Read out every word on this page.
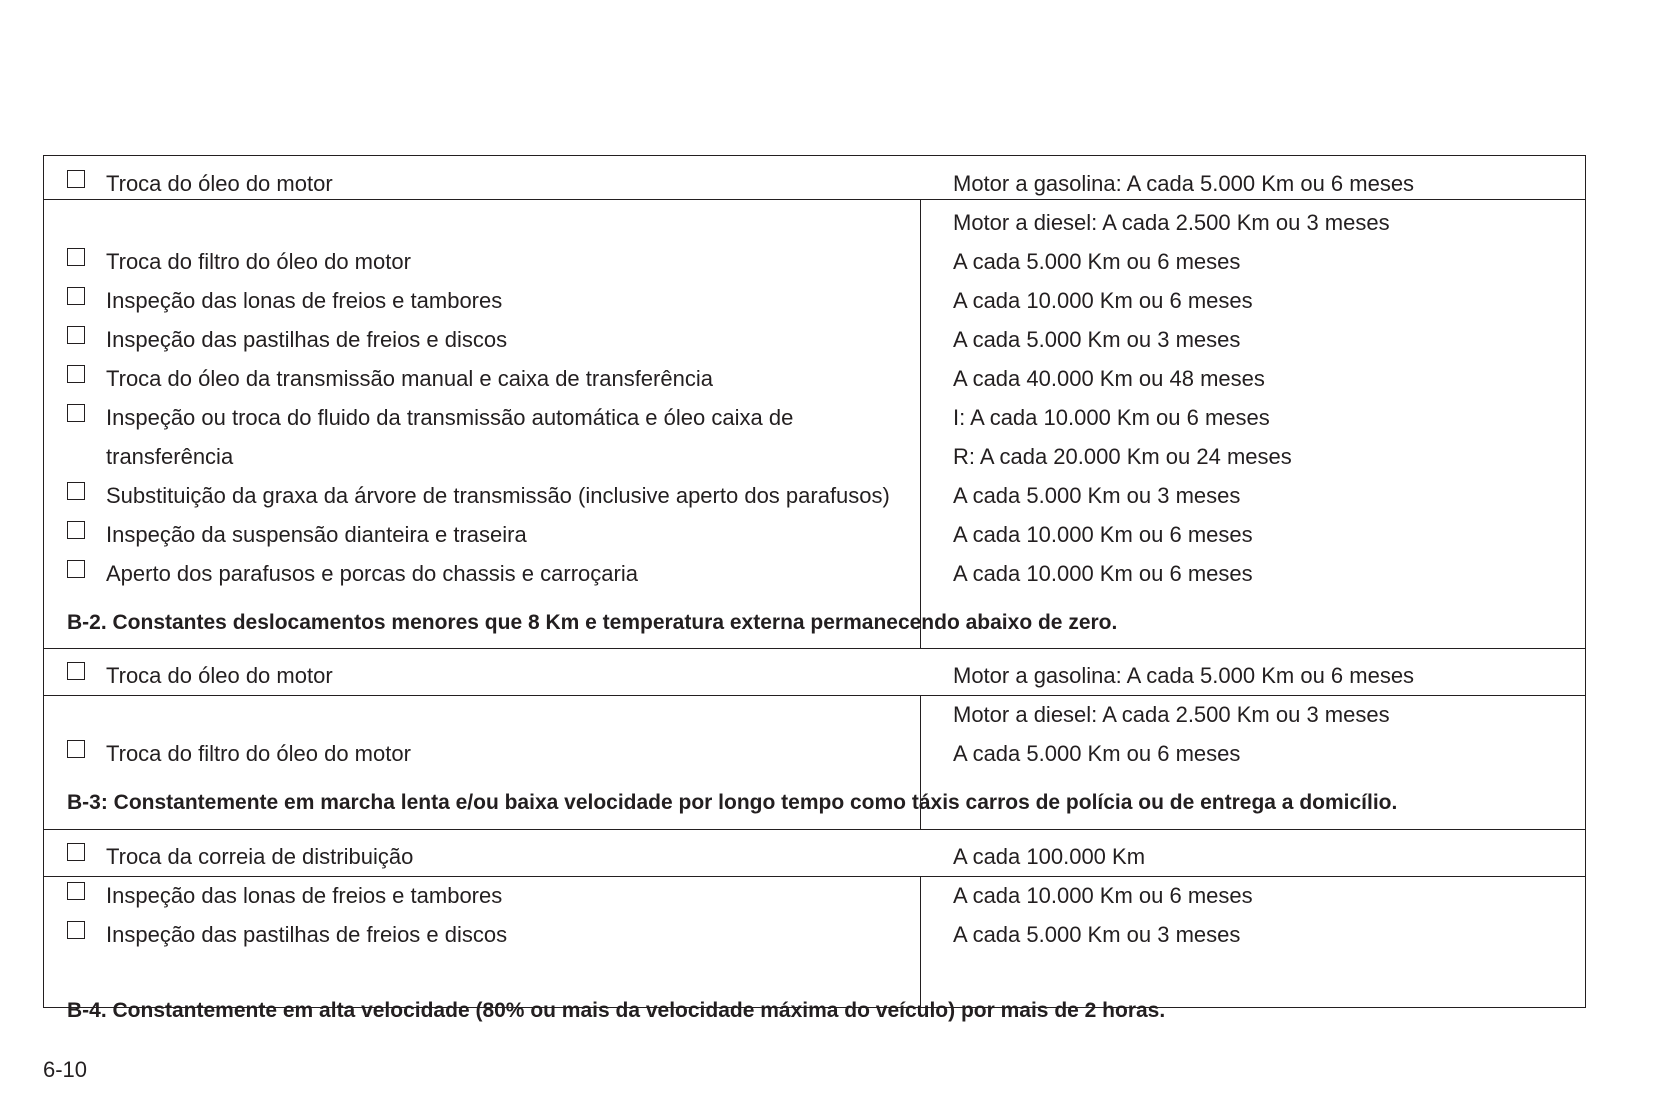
Troca do óleo do motor	Motor a gasolina: A cada 5.000 Km ou 6 meses
Motor a diesel: A cada 2.500 Km ou 3 meses
Troca do filtro do óleo do motor	A cada 5.000 Km ou 6 meses
Inspeção das lonas de freios e tambores	A cada 10.000 Km ou 6 meses
Inspeção das pastilhas de freios e discos	A cada 5.000 Km ou 3 meses
Troca do óleo da transmissão manual e caixa de transferência	A cada 40.000 Km ou 48 meses
Inspeção ou troca do fluido da transmissão automática e óleo caixa de	I: A cada 10.000 Km ou 6 meses
transferência	R: A cada 20.000 Km ou 24 meses
Substituição da graxa da árvore de transmissão (inclusive aperto dos parafusos)	A cada 5.000 Km ou 3 meses
Inspeção da suspensão dianteira e traseira	A cada 10.000 Km ou 6 meses
Aperto dos parafusos e porcas do chassis e carroçaria	A cada 10.000 Km ou 6 meses
B-2. Constantes deslocamentos menores que 8 Km e temperatura externa permanecendo abaixo de zero.
Troca do óleo do motor	Motor a gasolina: A cada 5.000 Km ou 6 meses
Motor a diesel: A cada 2.500 Km ou 3 meses
Troca do filtro do óleo do motor	A cada 5.000 Km ou 6 meses
B-3: Constantemente em marcha lenta e/ou baixa velocidade por longo tempo como táxis carros de polícia ou de entrega a domicílio.
Troca da correia de distribuição	A cada 100.000 Km
Inspeção das lonas de freios e tambores	A cada 10.000 Km ou 6 meses
Inspeção das pastilhas de freios e discos	A cada 5.000 Km ou 3 meses
B-4. Constantemente em alta velocidade (80% ou mais da velocidade máxima do veículo) por mais de 2 horas.
6-10
